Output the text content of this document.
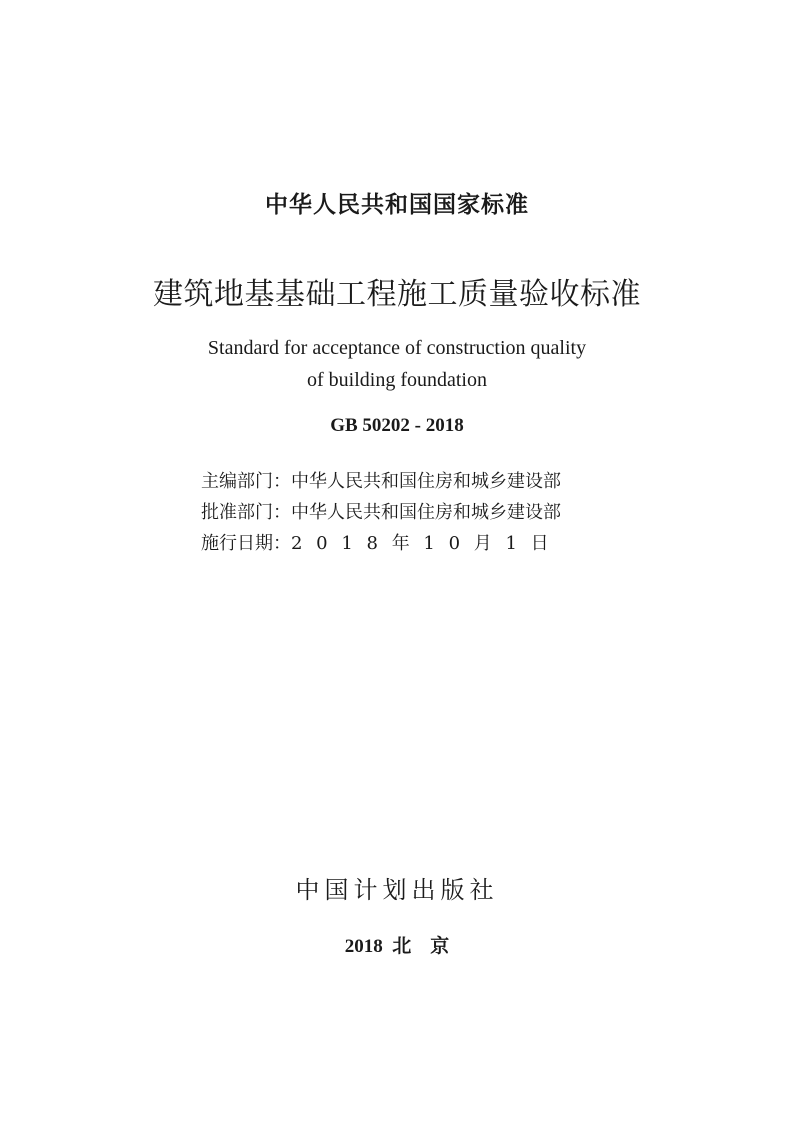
中华人民共和国国家标准
建筑地基基础工程施工质量验收标准
Standard for acceptance of construction quality
of building foundation
GB 50202 - 2018
主编部门：中华人民共和国住房和城乡建设部
批准部门：中华人民共和国住房和城乡建设部
施行日期：2 0 1 8 年 1 0 月 1 日
中国计划出版社
2018  北    京
